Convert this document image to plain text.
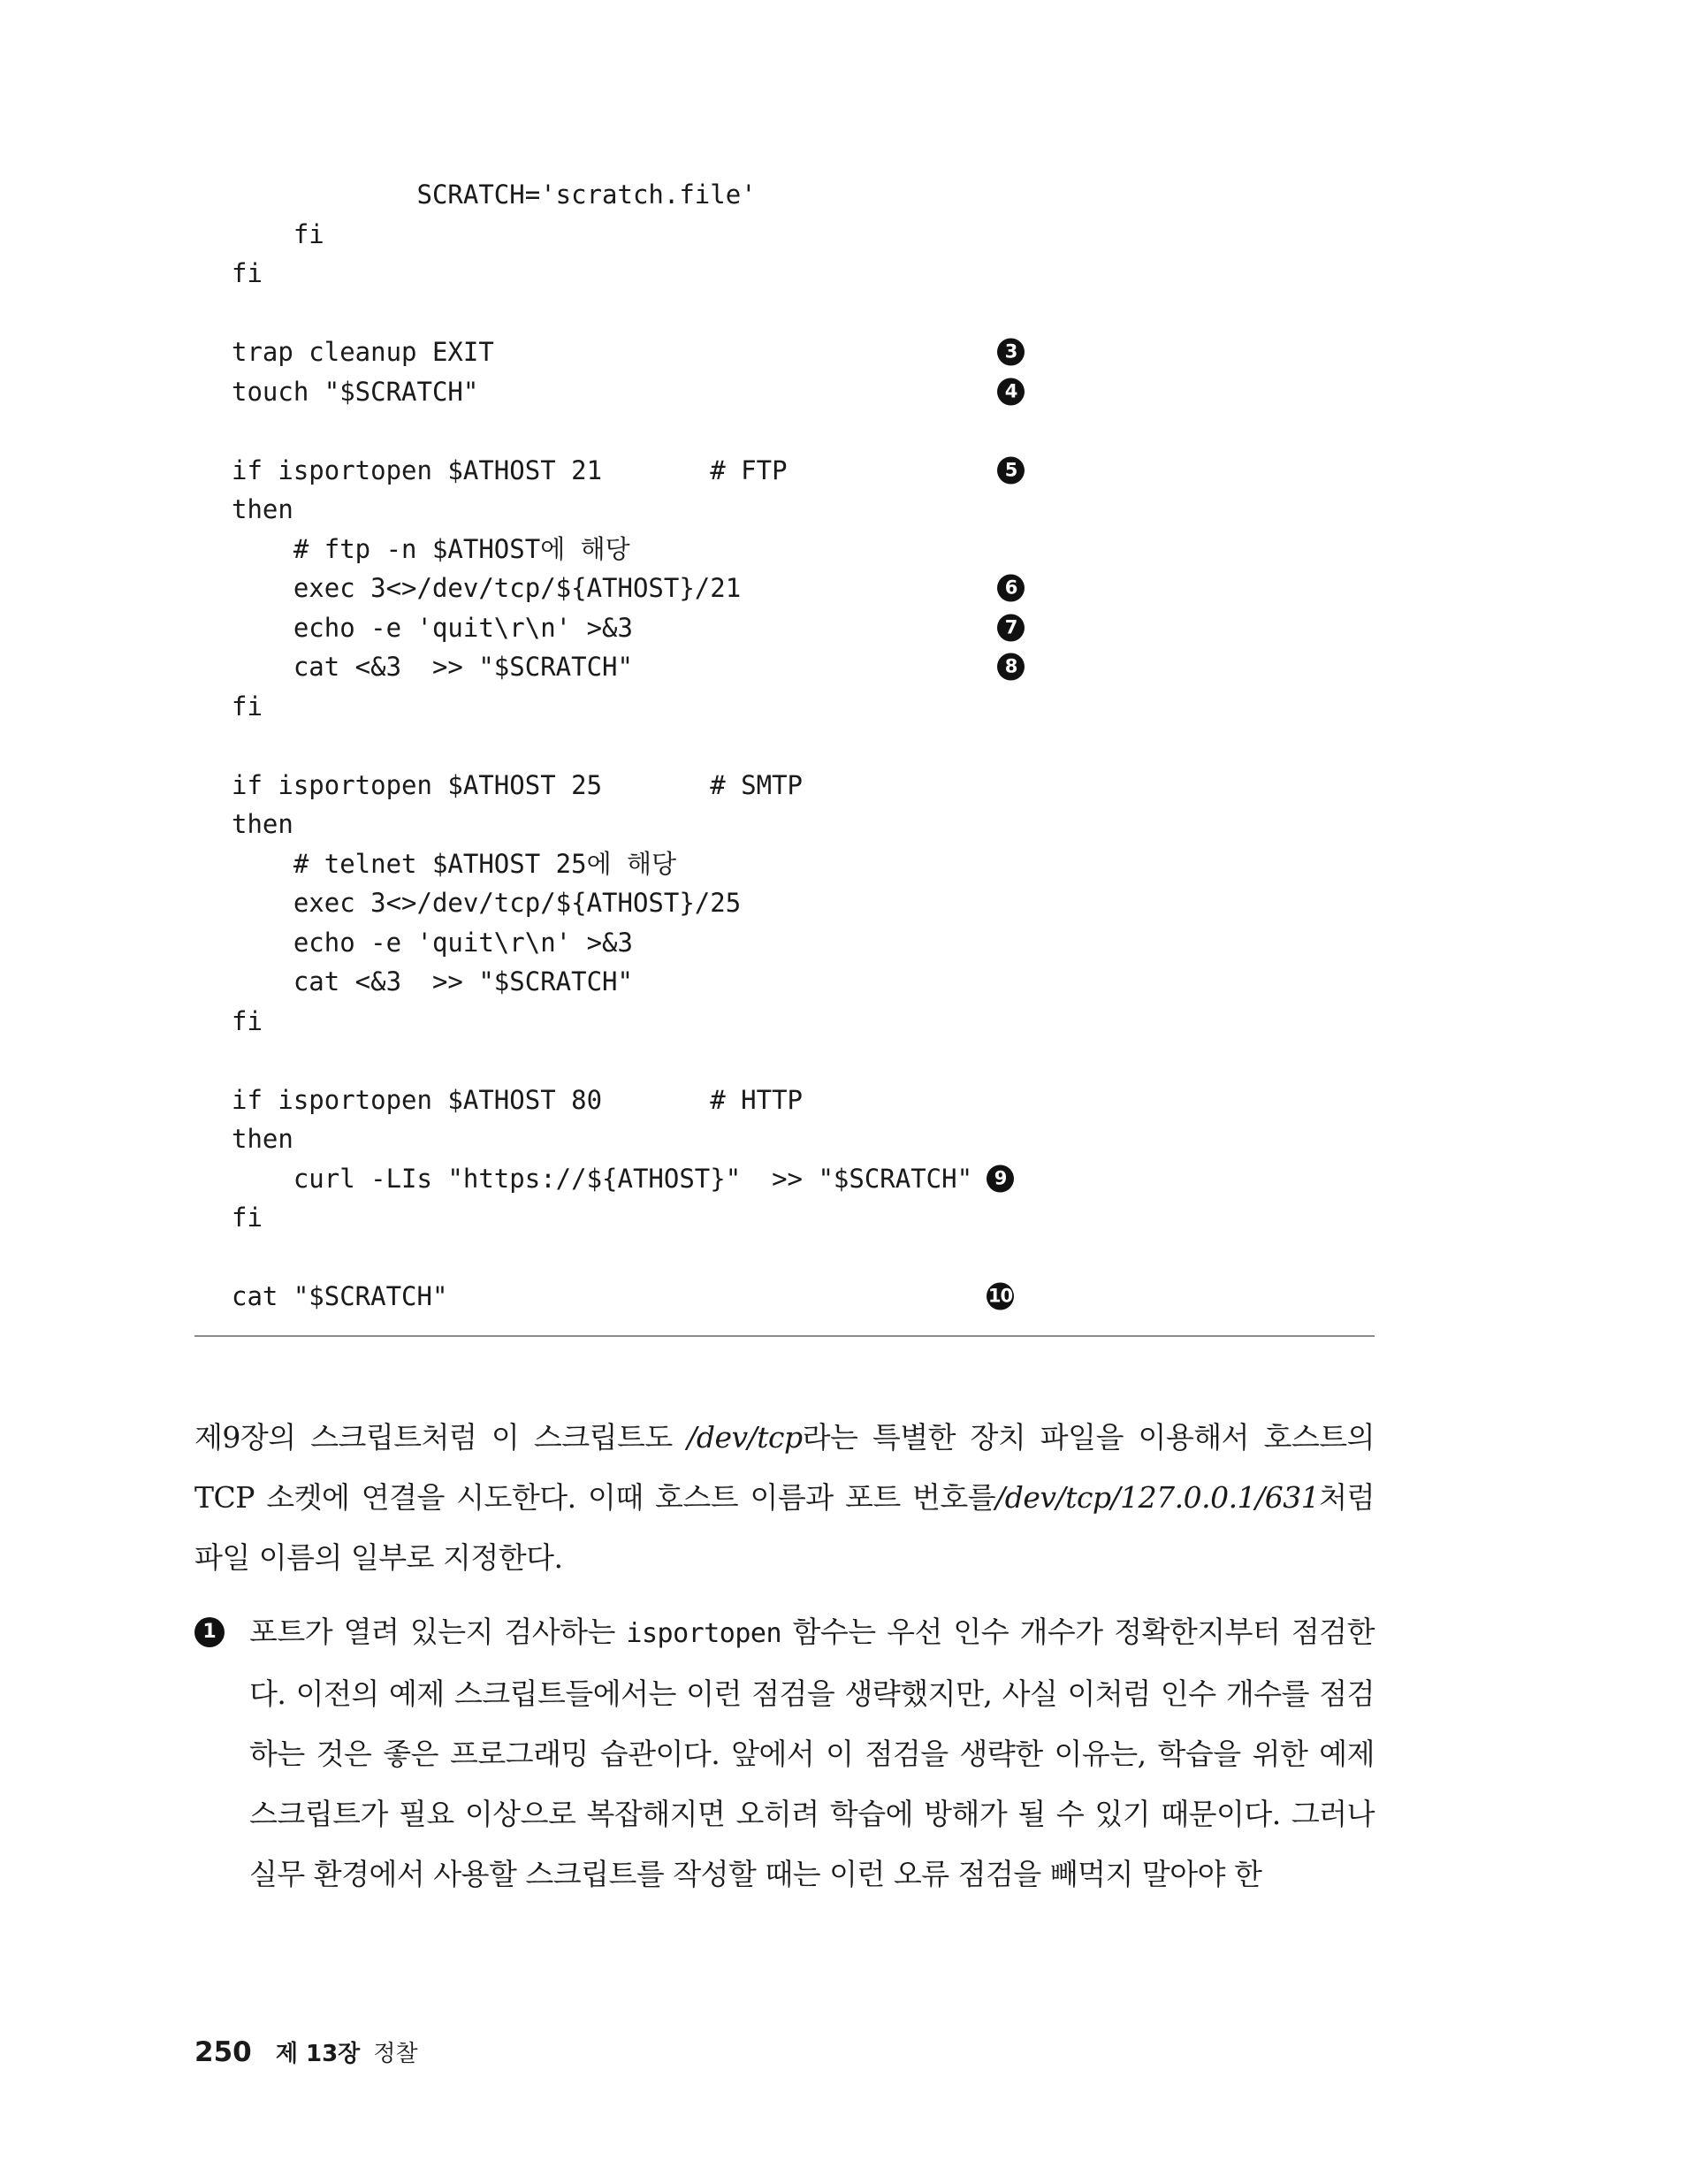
SCRATCH='scratch.file'
fi
fi
trap cleanup EXIT	3
touch "$SCRATCH"	4
if isportopen $ATHOST 21       # FTP	5
then
# ftp -n $ATHOST에 해당
exec 3<>/dev/tcp/${ATHOST}/21	6
echo -e 'quit\r\n' >&3	7
cat <&3  >> "$SCRATCH"	8
fi
if isportopen $ATHOST 25       # SMTP
then
# telnet $ATHOST 25에 해당
exec 3<>/dev/tcp/${ATHOST}/25
echo -e 'quit\r\n' >&3
cat <&3  >> "$SCRATCH"
fi
if isportopen $ATHOST 80       # HTTP
then
curl -LIs "https://${ATHOST}"  >> "$SCRATCH"	9
fi
cat "$SCRATCH"	10
제9장의 스크립트처럼 이 스크립트도 /dev/tcp라는 특별한 장치 파일을 이용해서 호스트의 TCP 소켓에 연결을 시도한다. 이때 호스트 이름과 포트 번호를/dev/tcp/127.0.0.1/631처럼 파일 이름의 일부로 지정한다.
1 포트가 열려 있는지 검사하는 isportopen 함수는 우선 인수 개수가 정확한지부터 점검한다. 이전의 예제 스크립트들에서는 이런 점검을 생략했지만, 사실 이처럼 인수 개수를 점검하는 것은 좋은 프로그래밍 습관이다. 앞에서 이 점검을 생략한 이유는, 학습을 위한 예제 스크립트가 필요 이상으로 복잡해지면 오히려 학습에 방해가 될 수 있기 때문이다. 그러나 실무 환경에서 사용할 스크립트를 작성할 때는 이런 오류 점검을 빼먹지 말아야 한
250 제 13장 정찰
